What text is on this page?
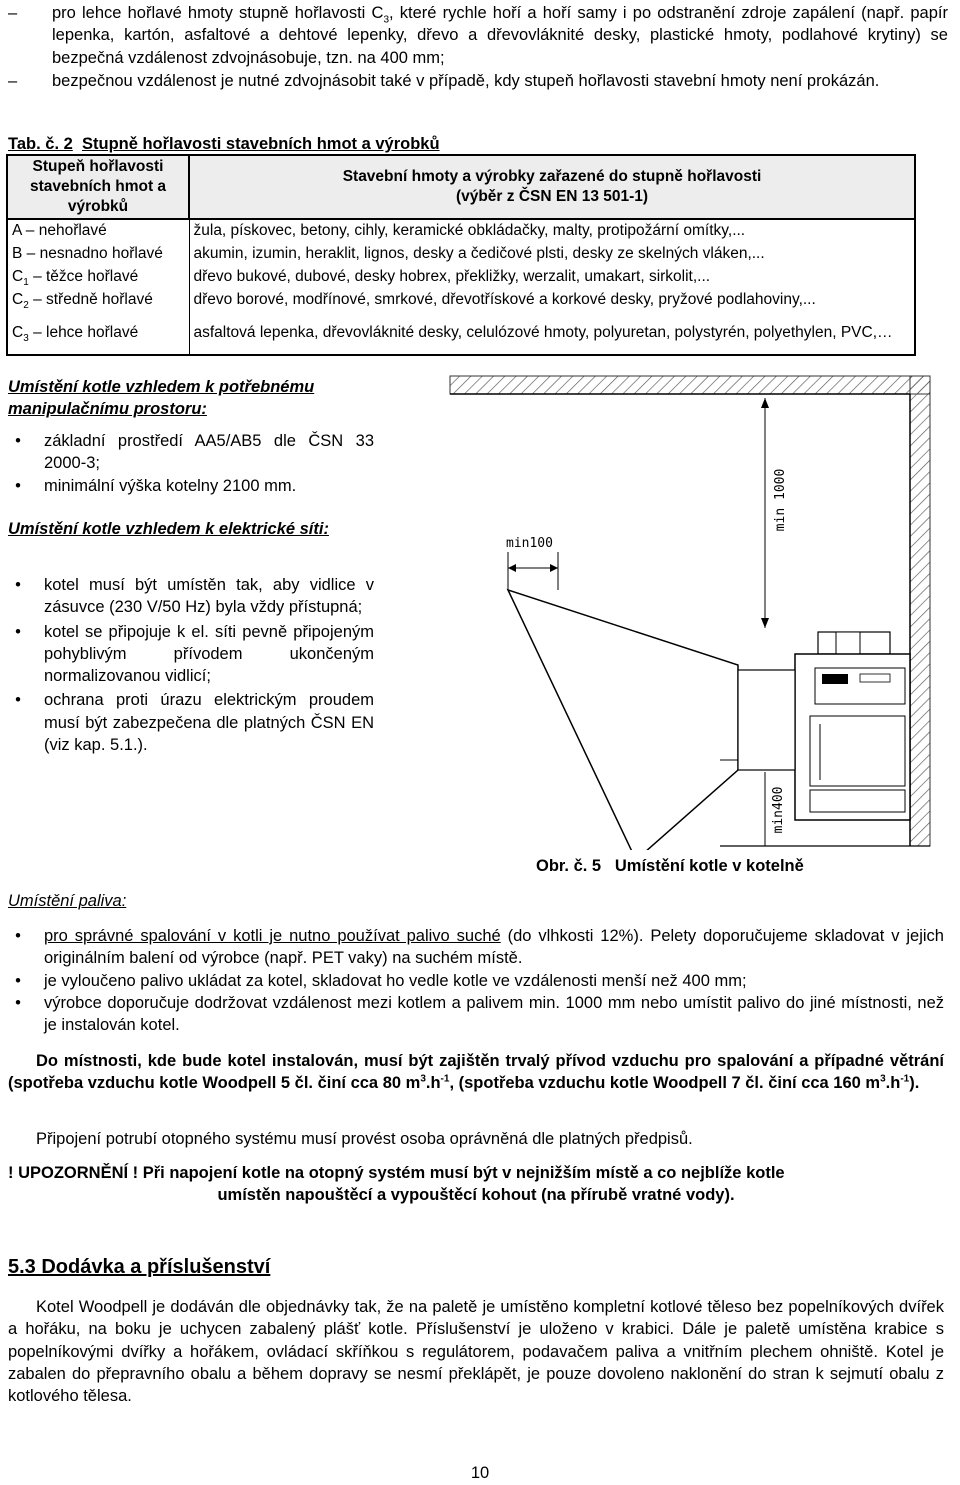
–	pro lehce hořlavé hmoty stupně hořlavosti $C_3$, které rychle hoří a hoří samy i po odstranění zdroje zapálení (např. papír lepenka, kartón, asfaltové a dehtové lepenky, dřevo a dřevovláknité desky, plastické hmoty, podlahové krytiny) se bezpečná vzdálenost zdvojnásobuje, tzn. na 400 mm;
–	bezpečnou vzdálenost je nutné zdvojnásobit také v případě, kdy stupeň hořlavosti stavební hmoty není prokázán.
Tab. č. 2 Stupně hořlavosti stavebních hmot a výrobků
Stupeň hořlavosti stavebních hmot a výrobků	Stavební hmoty a výrobky zařazené do stupně hořlavosti
(výběr z ČSN EN 13 501-1)

A – nehořlavé	žula, pískovec, betony, cihly, keramické obkládačky, malty, protipožární omítky,...
B – nesnadno hořlavé	akumin, izumin, heraklit, lignos, desky a čedičové plsti, desky ze skelných vláken,...
$C_1$ – těžce hořlavé	dřevo bukové, dubové, desky hobrex, překližky, werzalit, umakart, sirkolit,...
$C_2$ – středně hořlavé	dřevo borové, modřínové, smrkové, dřevotřískové a korkové desky, pryžové podlahoviny,...
$C_3$ – lehce hořlavé	asfaltová lepenka, dřevovláknité desky, celulózové hmoty, polyuretan, polystyrén, polyethylen, PVC,…
Umístění kotle vzhledem k potřebnému manipulačnímu prostoru:
•	základní prostředí AA5/AB5 dle ČSN 33 2000-3;
•	minimální výška kotelny 2100 mm.
Umístění kotle vzhledem k elektrické síti:
•	kotel musí být umístěn tak, aby vidlice v zásuvce (230 V/50 Hz) byla vždy přístupná;
•	kotel se připojuje k el. síti pevně připojeným pohyblivým přívodem ukončeným normalizovanou vidlicí;
•	ochrana proti úrazu elektrickým proudem musí být zabezpečena dle platných ČSN EN (viz kap. 5.1.).
min 1000
min100
min400
Obr. č. 5 Umístění kotle v kotelně
Umístění paliva:
•	pro správné spalování v kotli je nutno používat palivo suché (do vlhkosti 12%). Pelety doporučujeme skladovat v jejich originálním balení od výrobce (např. PET vaky) na suchém místě.
•	je vyloučeno palivo ukládat za kotel, skladovat ho vedle kotle ve vzdálenosti menší než 400 mm;
•	výrobce doporučuje dodržovat vzdálenost mezi kotlem a palivem min. 1000 mm nebo umístit palivo do jiné místnosti, než je instalován kotel.
Do místnosti, kde bude kotel instalován, musí být zajištěn trvalý přívod vzduchu pro spalování a případné větrání (spotřeba vzduchu kotle Woodpell 5 čl. činí cca 80 $m^3.h^{-1}$, (spotřeba vzduchu kotle Woodpell 7 čl. činí cca 160 $m^3.h^{-1}$).
Připojení potrubí otopného systému musí provést osoba oprávněná dle platných předpisů.
! UPOZORNĚNÍ ! Při napojení kotle na otopný systém musí být v nejnižším místě a co nejblíže kotle
umístěn napouštěcí a vypouštěcí kohout (na přírubě vratné vody).
5.3 Dodávka a příslušenství
Kotel Woodpell je dodáván dle objednávky tak, že na paletě je umístěno kompletní kotlové těleso bez popelníkových dvířek a hořáku, na boku je uchycen zabalený plášť kotle. Příslušenství je uloženo v krabici. Dále je paletě umístěna krabice s popelníkovými dvířky a hořákem, ovládací skříňkou s regulátorem, podavačem paliva a vnitřním plechem ohniště. Kotel je zabalen do přepravního obalu a během dopravy se nesmí překlápět, je pouze dovoleno naklonění do stran k sejmutí obalu z kotlového tělesa.
10
